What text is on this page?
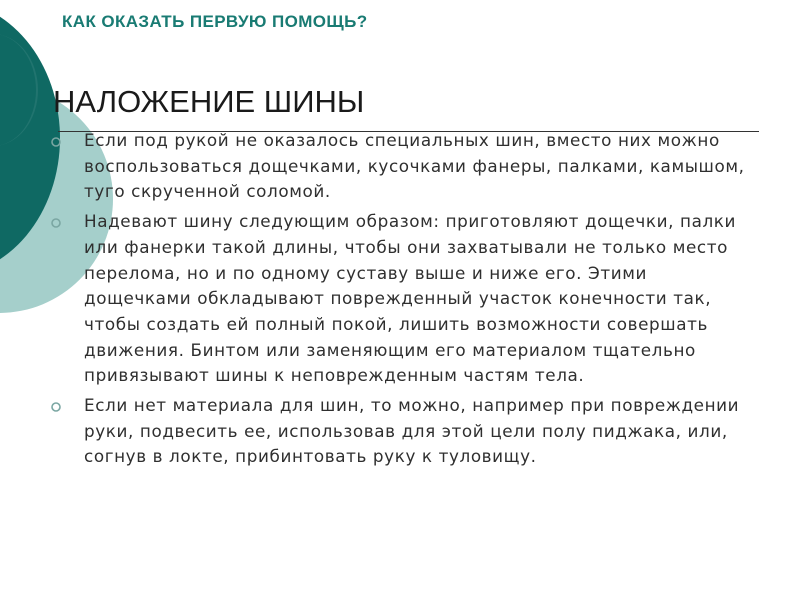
КАК ОКАЗАТЬ ПЕРВУЮ ПОМОЩЬ?
НАЛОЖЕНИЕ ШИНЫ
Если под рукой не оказалось специальных шин, вместо них можно воспользоваться дощечками, кусочками фанеры, палками, камышом, туго скрученной соломой.
Надевают шину следующим образом: приготовляют дощечки, палки или фанерки такой длины, чтобы они захватывали не только место перелома, но и по одному суставу выше и ниже его. Этими дощечками обкладывают поврежденный участок конечности так, чтобы создать ей полный покой, лишить возможности совершать движения. Бинтом или заменяющим его материалом тщательно привязывают шины к неповрежденным частям тела.
Если нет материала для шин, то можно, например при повреждении руки, подвесить ее, использовав для этой цели полу пиджака, или, согнув в локте, прибинтовать руку к туловищу.
